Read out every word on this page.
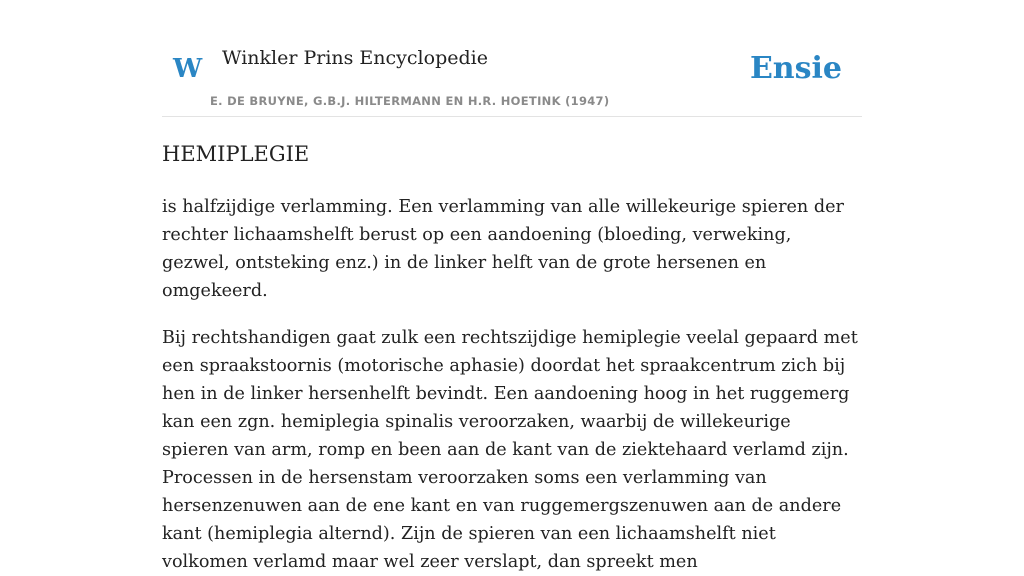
W Winkler Prins Encyclopedie
E. DE BRUYNE, G.B.J. HILTERMANN EN H.R. HOETINK (1947)
Ensie
HEMIPLEGIE

is halfzijdige verlamming. Een verlamming van alle willekeurige spieren der rechter lichaamshelft berust op een aandoening (bloeding, verweking, gezwel, ontsteking enz.) in de linker helft van de grote hersenen en omgekeerd.

Bij rechtshandigen gaat zulk een rechtszijdige hemiplegie veelal gepaard met een spraakstoornis (motorische aphasie) doordat het spraakcentrum zich bij hen in de linker hersenhelft bevindt. Een aandoening hoog in het ruggemerg kan een zgn. hemiplegia spinalis veroorzaken, waarbij de willekeurige spieren van arm, romp en been aan de kant van de ziektehaard verlamd zijn. Processen in de hersenstam veroorzaken soms een verlamming van hersenzenuwen aan de ene kant en van ruggemergszenuwen aan de andere kant (hemiplegia alternd). Zijn de spieren van een lichaamshelft niet volkomen verlamd maar wel zeer verslapt, dan spreekt men
